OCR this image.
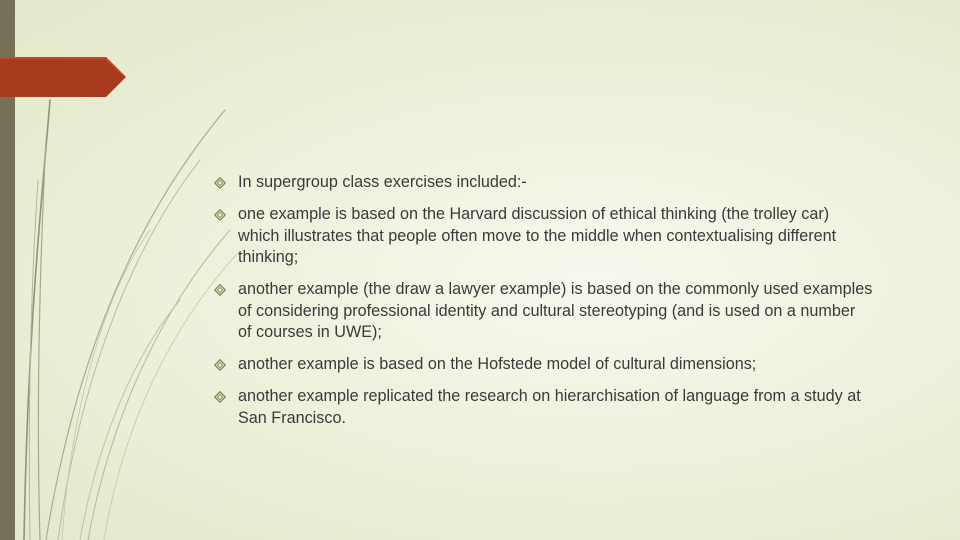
In supergroup class exercises included:-
one example is based on the Harvard discussion of ethical thinking (the trolley car) which illustrates that people often move to the middle when contextualising different thinking;
another example (the draw a lawyer example) is based on the commonly used examples of considering professional identity and cultural stereotyping (and is used on a number of courses in UWE);
another example is based on the Hofstede model of cultural dimensions;
another example replicated the research on hierarchisation of language from a study at San Francisco.
